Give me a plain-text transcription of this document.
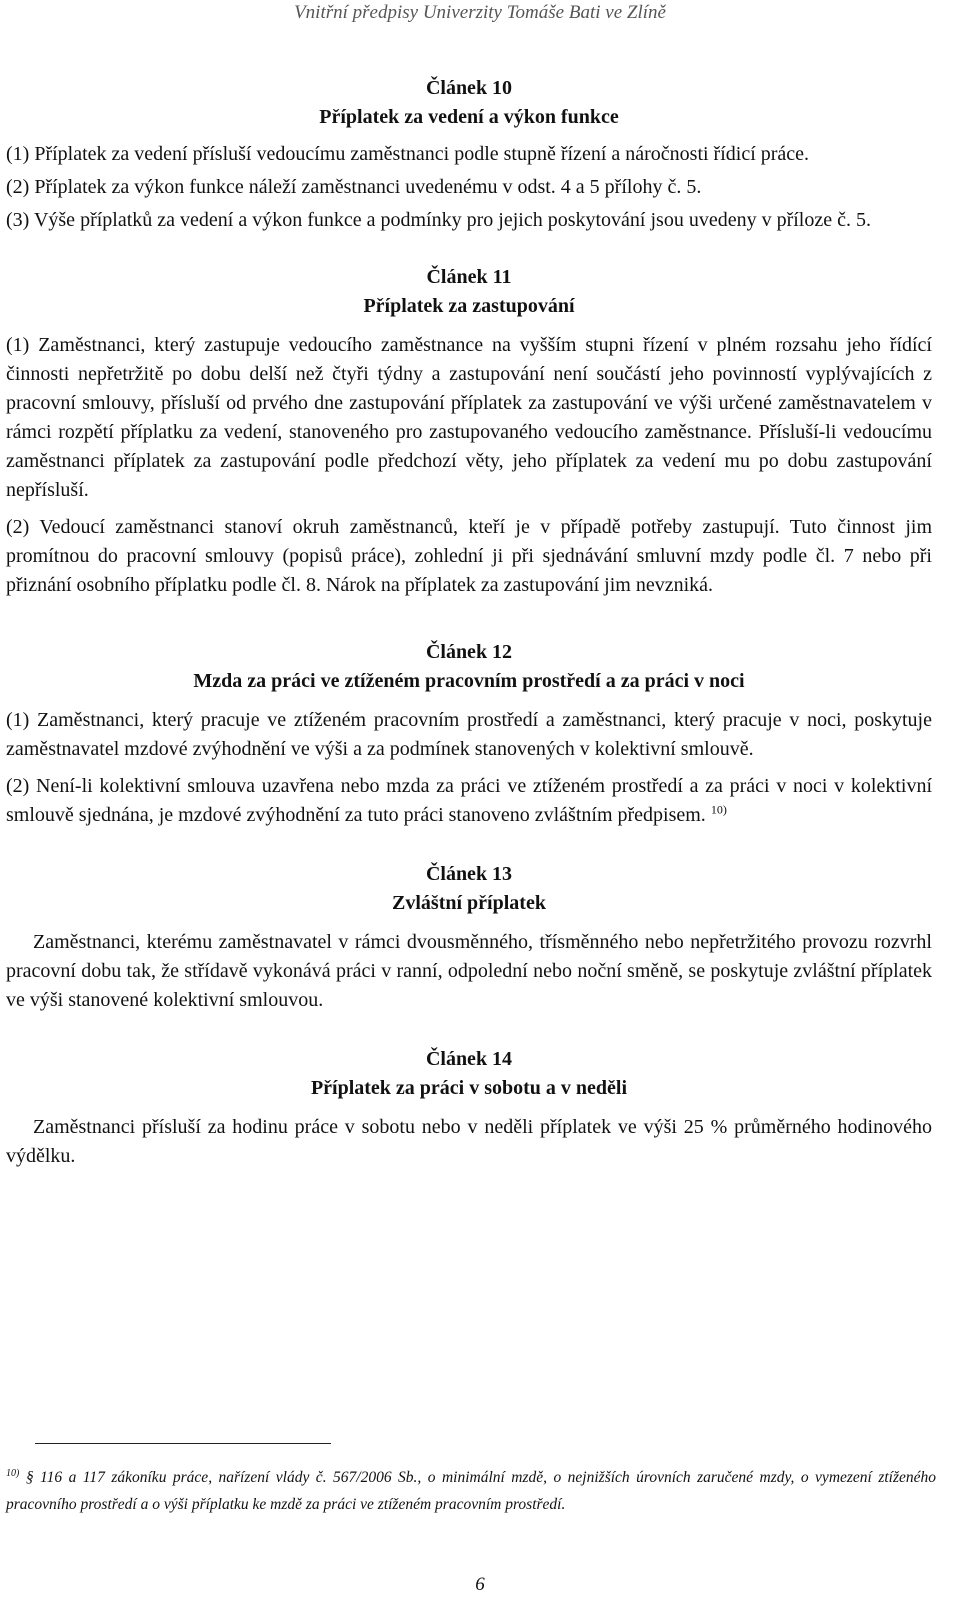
Vnitřní předpisy Univerzity Tomáše Bati ve Zlíně
Článek 10
Příplatek za vedení a výkon funkce

(1) Příplatek za vedení přísluší vedoucímu zaměstnanci podle stupně řízení a náročnosti řídicí práce.

(2) Příplatek za výkon funkce náleží zaměstnanci uvedenému v odst. 4 a 5 přílohy č. 5.

(3) Výše příplatků za vedení a výkon funkce a podmínky pro jejich poskytování jsou uvedeny v příloze č. 5.

Článek 11
Příplatek za zastupování

(1) Zaměstnanci, který zastupuje vedoucího zaměstnance na vyšším stupni řízení v plném rozsahu jeho řídící činnosti nepřetržitě po dobu delší než čtyři týdny a zastupování není součástí jeho povinností vyplývajících z pracovní smlouvy, přísluší od prvého dne zastupování příplatek za zastupování ve výši určené zaměstnavatelem v rámci rozpětí příplatku za vedení, stanoveného pro zastupovaného vedoucího zaměstnance. Přísluší-li vedoucímu zaměstnanci příplatek za zastupování podle předchozí věty, jeho příplatek za vedení mu po dobu zastupování nepřísluší.

(2) Vedoucí zaměstnanci stanoví okruh zaměstnanců, kteří je v případě potřeby zastupují. Tuto činnost jim promítnou do pracovní smlouvy (popisů práce), zohlední ji při sjednávání smluvní mzdy podle čl. 7 nebo při přiznání osobního příplatku podle čl. 8. Nárok na příplatek za zastupování jim nevzniká.

Článek 12
Mzda za práci ve ztíženém pracovním prostředí a za práci v noci

(1) Zaměstnanci, který pracuje ve ztíženém pracovním prostředí a zaměstnanci, který pracuje v noci, poskytuje zaměstnavatel mzdové zvýhodnění ve výši a za podmínek stanovených v kolektivní smlouvě.

(2) Není-li kolektivní smlouva uzavřena nebo mzda za práci ve ztíženém prostředí a za práci v noci v kolektivní smlouvě sjednána, je mzdové zvýhodnění za tuto práci stanoveno zvláštním předpisem. $^{10)}$

Článek 13
Zvláštní příplatek

Zaměstnanci, kterému zaměstnavatel v rámci dvousměnného, třísměnného nebo nepřetržitého provozu rozvrhl pracovní dobu tak, že střídavě vykonává práci v ranní, odpolední nebo noční směně, se poskytuje zvláštní příplatek ve výši stanovené kolektivní smlouvou.

Článek 14
Příplatek za práci v sobotu a v neděli

Zaměstnanci přísluší za hodinu práce v sobotu nebo v neděli příplatek ve výši 25 % průměrného hodinového výdělku.

$^{10)}$ § 116 a 117 zákoníku práce, nařízení vlády č. 567/2006 Sb., o minimální mzdě, o nejnižších úrovních zaručené mzdy, o vymezení ztíženého pracovního prostředí a o výši příplatku ke mzdě za práci ve ztíženém pracovním prostředí.
6
